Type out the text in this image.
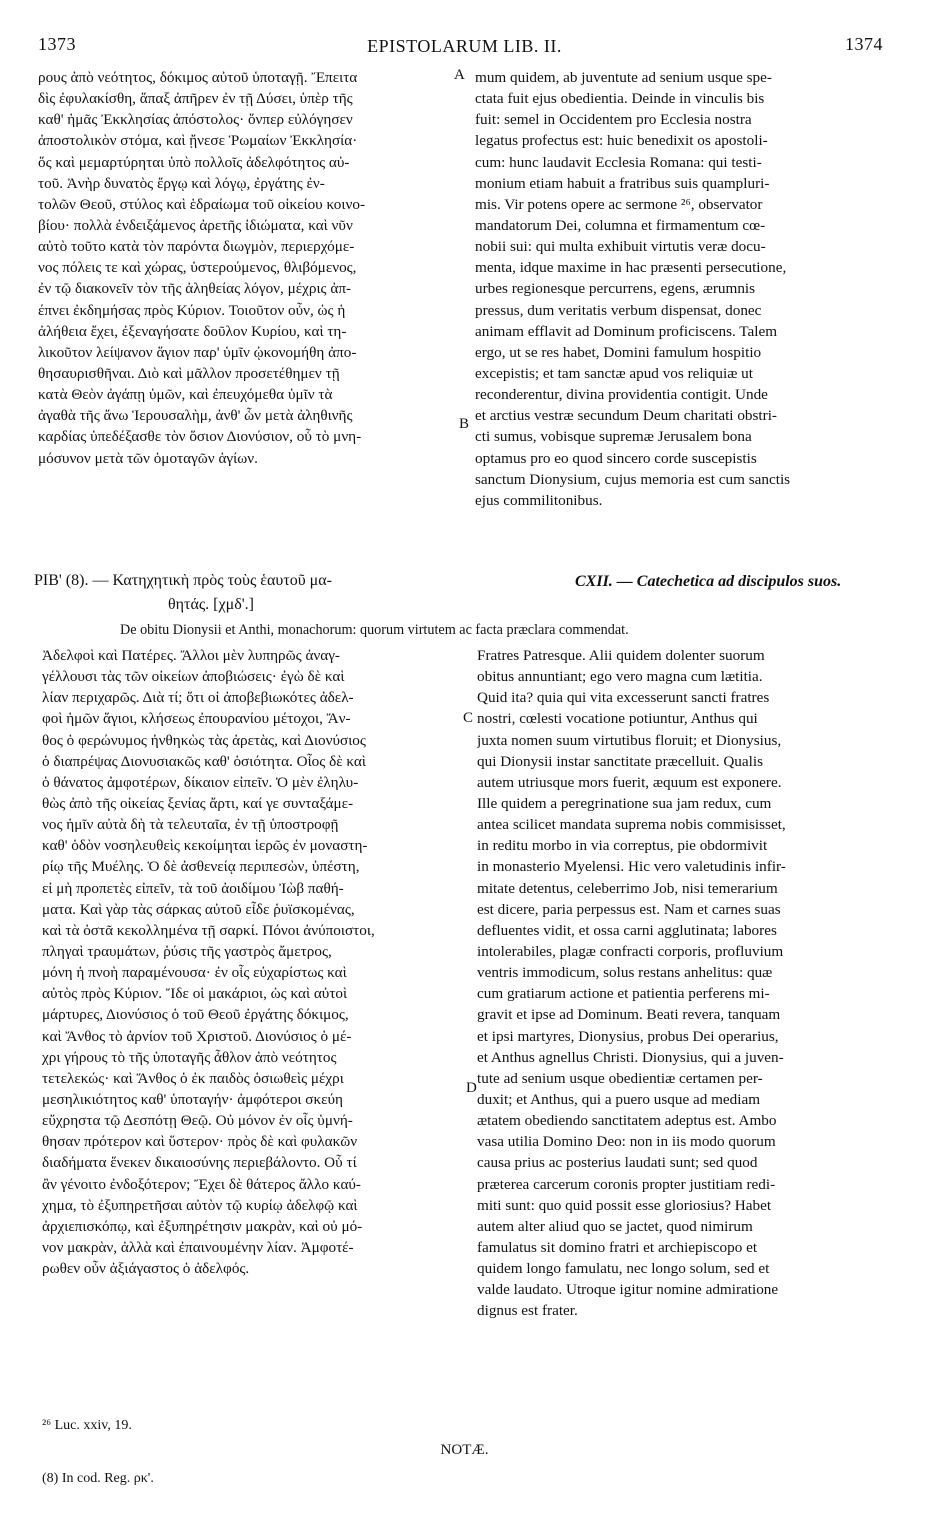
1373	EPISTOLARUM LIB. II.	1374
ρους ἀπὸ νεότητος, δόκιμος αὐτοῦ ὑποταγῇ. Ἔπειτα
δὶς ἐφυλακίσθη, ἅπαξ ἀπῆρεν ἐν τῇ Δύσει, ὑπὲρ τῆς
καθ' ἡμᾶς Ἐκκλησίας ἀπόστολος· ὅνπερ εὐλόγησεν
ἀποστολικὸν στόμα, καὶ ᾔνεσε Ῥωμαίων Ἐκκλησία·
ὅς καὶ μεμαρτύρηται ὑπὸ πολλοῖς ἀδελφότητος αὐ-
τοῦ. Ἀνὴρ δυνατὸς ἔργῳ καὶ λόγῳ, ἐργάτης ἐν-
τολῶν Θεοῦ, στύλος καὶ ἑδραίωμα τοῦ οἰκείου κοινο-
βίου· πολλὰ ἐνδειξάμενος ἀρετῆς ἰδιώματα, καὶ νῦν
αὐτὸ τοῦτο κατὰ τὸν παρόντα διωγμὸν, περιερχόμε-
νος πόλεις τε καὶ χώρας, ὑστερούμενος, θλιβόμενος,
ἐν τῷ διακονεῖν τὸν τῆς ἀληθείας λόγον, μέχρις ἀπ-
έπνει ἐκδημήσας πρὸς Κύριον. Τοιοῦτον οὖν, ὡς ἡ
ἀλήθεια ἔχει, ἐξεναγήσατε δοῦλον Κυρίου, καὶ τη-
λικοῦτον λείψανον ἅγιον παρ' ὑμῖν ᾠκονομήθη ἀπο-
θησαυρισθῆναι. Διὸ καὶ μᾶλλον προσετέθημεν τῇ
κατὰ Θεὸν ἀγάπῃ ὑμῶν, καὶ ἐπευχόμεθα ὑμῖν τὰ
ἀγαθὰ τῆς ἄνω Ἱερουσαλὴμ, ἀνθ' ὧν μετὰ ἀληθινῆς
καρδίας ὑπεδέξασθε τὸν ὅσιον Διονύσιον, οὗ τὸ μνη-
μόσυνον μετὰ τῶν ὁμοταγῶν ἁγίων.
mum quidem, ab juventute ad senium usque spe-
ctata fuit ejus obedientia. Deinde in vinculis bis
fuit: semel in Occidentem pro Ecclesia nostra
legatus profectus est: huic benedixit os apostoli-
cum: hunc laudavit Ecclesia Romana: qui testi-
monium etiam habuit a fratribus suis quampluri-
mis. Vir potens opere ac sermone ²⁶, observator
mandatorum Dei, columna et firmamentum cœ-
nobii sui: qui multa exhibuit virtutis veræ docu-
menta, idque maxime in hac præsenti persecutione,
urbes regionesque percurrens, egens, ærumnis
pressus, dum veritatis verbum dispensat, donec
animam efflavit ad Dominum proficiscens. Talem
ergo, ut se res habet, Domini famulum hospitio
excepistis; et tam sanctæ apud vos reliquiæ ut
reconderentur, divina providentia contigit. Unde
et arctius vestræ secundum Deum charitati obstri-
cti sumus, vobisque supremæ Jerusalem bona
optamus pro eo quod sincero corde suscepistis
sanctum Dionysium, cujus memoria est cum sanctis
ejus commilitonibus.
A
B
C
D
ΡΙΒ' (8). — Κατηχητικὴ πρὸς τοὺς ἑαυτοῦ μα-
θητάς. [χμδ'.]
CXII. — Catechetica ad discipulos suos.
De obitu Dionysii et Anthi, monachorum: quorum virtutem ac facta præclara commendat.
Ἀδελφοὶ καὶ Πατέρες. Ἄλλοι μὲν λυπηρῶς ἀναγ-
γέλλουσι τὰς τῶν οἰκείων ἀποβιώσεις· ἐγὼ δὲ καὶ
λίαν περιχαρῶς. Διὰ τί; ὅτι οἱ ἀποβεβιωκότες ἀδελ-
φοὶ ἡμῶν ἅγιοι, κλήσεως ἐπουρανίου μέτοχοι, Ἄν-
θος ὁ φερώνυμος ἠνθηκὼς τὰς ἀρετὰς, καὶ Διονύσιος
ὁ διαπρέψας Διονυσιακῶς καθ' ὁσιότητα. Οἷος δὲ καὶ
ὁ θάνατος ἀμφοτέρων, δίκαιον εἰπεῖν. Ὁ μὲν ἐληλυ-
θὼς ἀπὸ τῆς οἰκείας ξενίας ἄρτι, καί γε συνταξάμε-
νος ἡμῖν αὐτὰ δὴ τὰ τελευταῖα, ἐν τῇ ὑποστροφῇ
καθ' ὁδὸν νοσηλευθεὶς κεκοίμηται ἱερῶς ἐν μοναστη-
ρίῳ τῆς Μυέλης. Ὁ δὲ ἀσθενείᾳ περιπεσὼν, ὑπέστη,
εἰ μὴ προπετὲς εἰπεῖν, τὰ τοῦ ἀοιδίμου Ἰὼβ παθή-
ματα. Καὶ γὰρ τὰς σάρκας αὐτοῦ εἶδε ῥυϊσκομένας,
καὶ τὰ ὀστᾶ κεκολλημένα τῇ σαρκί. Πόνοι ἀνύποιστοι,
πληγαὶ τραυμάτων, ῥύσις τῆς γαστρὸς ἄμετρος,
μόνη ἡ πνοὴ παραμένουσα· ἐν οἷς εὐχαρίστως καὶ
αὐτὸς πρὸς Κύριον. Ἴδε οἱ μακάριοι, ὡς καὶ αὐτοὶ
μάρτυρες, Διονύσιος ὁ τοῦ Θεοῦ ἐργάτης δόκιμος,
καὶ Ἄνθος τὸ ἀρνίον τοῦ Χριστοῦ. Διονύσιος ὁ μέ-
χρι γήρους τὸ τῆς ὑποταγῆς ἆθλον ἀπὸ νεότητος
τετελεκώς· καὶ Ἄνθος ὁ ἐκ παιδὸς ὁσιωθεὶς μέχρι
μεσηλικιότητος καθ' ὑποταγήν· ἀμφότεροι σκεύη
εὔχρηστα τῷ Δεσπότῃ Θεῷ. Οὐ μόνον ἐν οἷς ὑμνή-
θησαν πρότερον καὶ ὕστερον· πρὸς δὲ καὶ φυλακῶν
διαδήματα ἕνεκεν δικαιοσύνης περιεβάλοντο. Οὗ τί
ἂν γένοιτο ἐνδοξότερον; Ἔχει δὲ θάτερος ἄλλο καύ-
χημα, τὸ ἐξυπηρετῆσαι αὐτὸν τῷ κυρίῳ ἀδελφῷ καὶ
ἀρχιεπισκόπῳ, καὶ ἐξυπηρέτησιν μακρὰν, καὶ οὐ μό-
νον μακρὰν, ἀλλὰ καὶ ἐπαινουμένην λίαν. Ἀμφοτέ-
ρωθεν οὖν ἀξιάγαστος ὁ ἀδελφός.
Fratres Patresque. Alii quidem dolenter suorum
obitus annuntiant; ego vero magna cum lætitia.
Quid ita? quia qui vita excesserunt sancti fratres
nostri, cœlesti vocatione potiuntur, Anthus qui
juxta nomen suum virtutibus floruit; et Dionysius,
qui Dionysii instar sanctitate præcelluit. Qualis
autem utriusque mors fuerit, æquum est exponere.
Ille quidem a peregrinatione sua jam redux, cum
antea scilicet mandata suprema nobis commisisset,
in reditu morbo in via correptus, pie obdormivit
in monasterio Myelensi. Hic vero valetudinis infir-
mitate detentus, celeberrimo Job, nisi temerarium
est dicere, paria perpessus est. Nam et carnes suas
defluentes vidit, et ossa carni agglutinata; labores
intolerabiles, plagæ confracti corporis, profluvium
ventris immodicum, solus restans anhelitus: quæ
cum gratiarum actione et patientia perferens mi-
gravit et ipse ad Dominum. Beati revera, tanquam
et ipsi martyres, Dionysius, probus Dei operarius,
et Anthus agnellus Christi. Dionysius, qui a juven-
tute ad senium usque obedientiæ certamen per-
duxit; et Anthus, qui a puero usque ad mediam
ætatem obediendo sanctitatem adeptus est. Ambo
vasa utilia Domino Deo: non in iis modo quorum
causa prius ac posterius laudati sunt; sed quod
præterea carcerum coronis propter justitiam redi-
miti sunt: quo quid possit esse gloriosius? Habet
autem alter aliud quo se jactet, quod nimirum
famulatus sit domino fratri et archiepiscopo et
quidem longo famulatu, nec longo solum, sed et
valde laudato. Utroque igitur nomine admiratione
dignus est frater.
²⁶ Luc. xxiv, 19.
NOTÆ.
(8) In cod. Reg. ρκ'.
